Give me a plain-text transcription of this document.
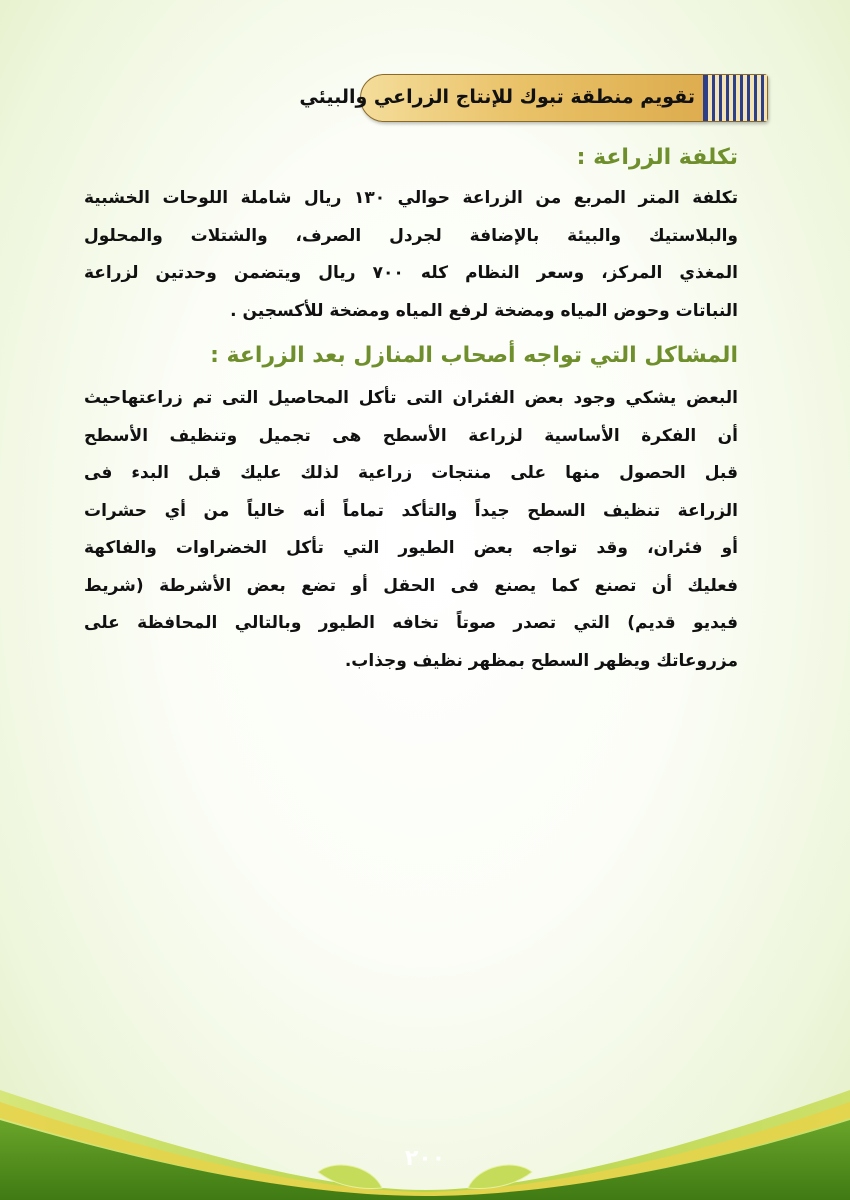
تقويم منطقة تبوك للإنتاج الزراعي والبيئي
تكلفة الزراعة :

تكلفة المتر المربع من الزراعة حوالي ١٣٠ ريال شاملة اللوحات الخشبية
والبلاستيك والبيئة بالإضافة لجردل الصرف، والشتلات والمحلول
المغذي المركز، وسعر النظام كله ٧٠٠ ريال ويتضمن وحدتين لزراعة
النباتات وحوض المياه ومضخة لرفع المياه ومضخة للأكسجين .

المشاكل التي تواجه أصحاب المنازل بعد الزراعة :

البعض يشكي وجود بعض الفئران التى تأكل المحاصيل التى تم زراعتهاحيث
أن الفكرة الأساسية لزراعة الأسطح هى تجميل وتنظيف الأسطح
قبل الحصول منها على منتجات زراعية لذلك عليك قبل البدء فى
الزراعة تنظيف السطح جيداً والتأكد تماماً أنه خالياً من أي حشرات
أو فئران، وقد تواجه بعض الطيور التي تأكل الخضراوات والفاكهة
فعليك أن تصنع كما يصنع فى الحقل أو تضع بعض الأشرطة (شريط
فيديو قديم) التي تصدر صوتاً تخافه الطيور وبالتالي المحافظة على
مزروعاتك ويظهر السطح بمظهر نظيف وجذاب.

٢٠٠
